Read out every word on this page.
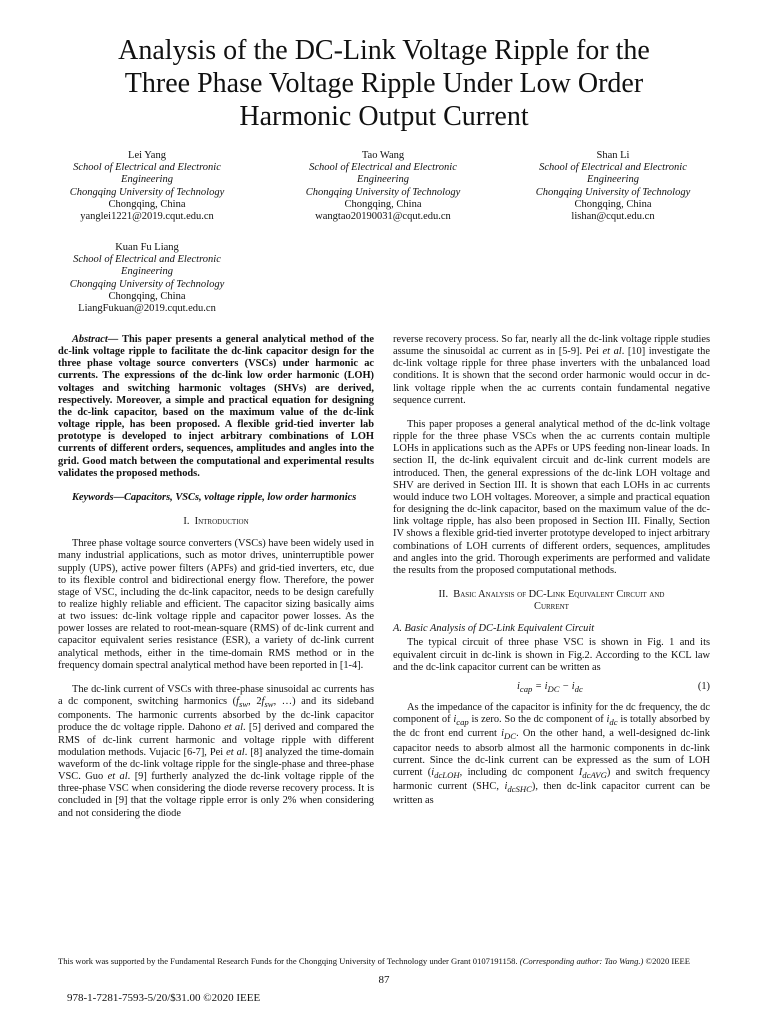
Analysis of the DC-Link Voltage Ripple for the
Three Phase Voltage Ripple Under Low Order
Harmonic Output Current
Lei Yang
School of Electrical and Electronic
Engineering
Chongqing University of Technology
Chongqing, China
yanglei1221@2019.cqut.edu.cn
Tao Wang
School of Electrical and Electronic
Engineering
Chongqing University of Technology
Chongqing, China
wangtao20190031@cqut.edu.cn
Shan Li
School of Electrical and Electronic
Engineering
Chongqing University of Technology
Chongqing, China
lishan@cqut.edu.cn
Kuan Fu Liang
School of Electrical and Electronic
Engineering
Chongqing University of Technology
Chongqing, China
LiangFukuan@2019.cqut.edu.cn

Abstract— This paper presents a general analytical method of the dc-link voltage ripple to facilitate the dc-link capacitor design for the three phase voltage source converters (VSCs) under harmonic ac currents. The expressions of the dc-link low order harmonic (LOH) voltages and switching harmonic voltages (SHVs) are derived, respectively. Moreover, a simple and practical equation for designing the dc-link capacitor, based on the maximum value of the dc-link voltage ripple, has been proposed. A flexible grid-tied inverter lab prototype is developed to inject arbitrary combinations of LOH currents of different orders, sequences, amplitudes and angles into the grid. Good match between the computational and experimental results validates the proposed methods.

Keywords—Capacitors, VSCs, voltage ripple, low order harmonics

I. Introduction

Three phase voltage source converters (VSCs) have been widely used in many industrial applications, such as motor drives, uninterruptible power supply (UPS), active power filters (APFs) and grid-tied inverters, etc, due to its flexible control and bidirectional energy flow. Therefore, the power stage of VSC, including the dc-link capacitor, needs to be design carefully to realize highly reliable and efficient. The capacitor sizing basically aims at two issues: dc-link voltage ripple and capacitor power losses. As the power losses are related to root-mean-square (RMS) of dc-link current and capacitor equivalent series resistance (ESR), a variety of dc-link current analytical methods, either in the time-domain RMS method or in the frequency domain spectral analytical method have been reported in [1-4].

The dc-link current of VSCs with three-phase sinusoidal ac currents has a dc component, switching harmonics ($f_{sw}$, $2f_{sw}$, …) and its sideband components. The harmonic currents absorbed by the dc-link capacitor produce the dc voltage ripple. Dahono et al. [5] derived and compared the RMS of dc-link current harmonic and voltage ripple with different modulation methods. Vujacic [6-7], Pei et al. [8] analyzed the time-domain waveform of the dc-link voltage ripple for the single-phase and three-phase VSC. Guo et al. [9] furtherly analyzed the dc-link voltage ripple of the three-phase VSC when considering the diode reverse recovery process. It is concluded in [9] that the voltage ripple error is only 2% when considering and not considering the diode

reverse recovery process. So far, nearly all the dc-link voltage ripple studies assume the sinusoidal ac current as in [5-9]. Pei et al. [10] investigate the dc-link voltage ripple for three phase inverters with the unbalanced load conditions. It is shown that the second order harmonic would occur in dc-link voltage ripple when the ac currents contain fundamental negative sequence current.

This paper proposes a general analytical method of the dc-link voltage ripple for the three phase VSCs when the ac currents contain multiple LOHs in applications such as the APFs or UPS feeding non-linear loads. In section II, the dc-link equivalent circuit and dc-link current models are introduced. Then, the general expressions of the dc-link LOH voltage and SHV are derived in Section III. It is shown that each LOHs in ac currents would induce two LOH voltages. Moreover, a simple and practical equation for designing the dc-link capacitor, based on the maximum value of the dc-link voltage ripple, has also been proposed in Section III. Finally, Section IV shows a flexible grid-tied inverter prototype developed to inject arbitrary combinations of LOH currents of different orders, sequences, amplitudes and angles into the grid. Thorough experiments are performed and validate the results from the proposed computational methods.

II. Basic Analysis of DC-Link Equivalent Circuit and
Current
A. Basic Analysis of DC-Link Equivalent Circuit

The typical circuit of three phase VSC is shown in Fig. 1 and its equivalent circuit in dc-link is shown in Fig.2. According to the KCL law and the dc-link capacitor current can be written as

$i_{cap} = i_{DC} - i_{dc}$	(1)

As the impedance of the capacitor is infinity for the dc frequency, the dc component of $i_{cap}$ is zero. So the dc component of $i_{dc}$ is totally absorbed by the dc front end current $i_{DC}$. On the other hand, a well-designed dc-link capacitor needs to absorb almost all the harmonic components in dc-link current. Since the dc-link current can be expressed as the sum of LOH current ($i_{dcLOH}$, including dc component $I_{dcAVG}$) and switch frequency harmonic current (SHC, $i_{dcSHC}$), then dc-link capacitor current can be written as

This work was supported by the Fundamental Research Funds for the Chongqing University of Technology under Grant 0107191158. (Corresponding author: Tao Wang.) ©2020 IEEE
87
978-1-7281-7593-5/20/$31.00 ©2020 IEEE
